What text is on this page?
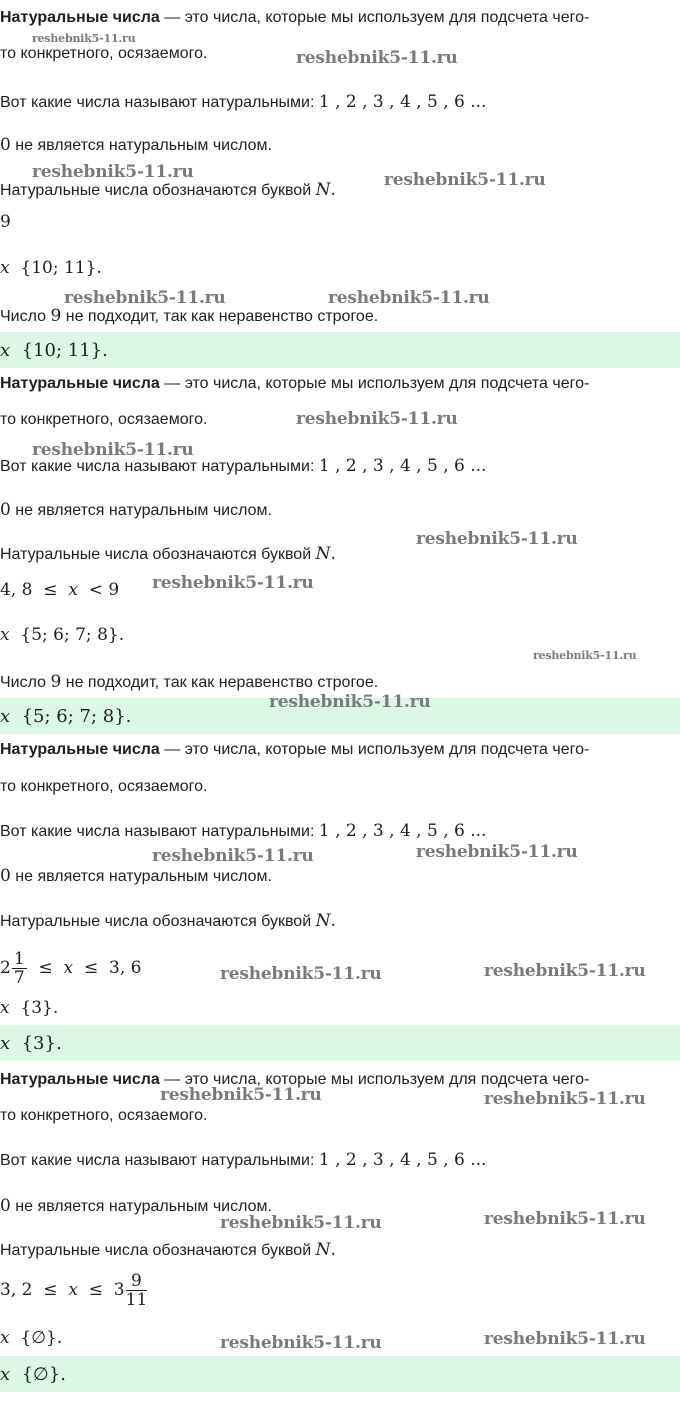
Натуральные числа — это числа, которые мы используем для подсчета чего-
то конкретного, осязаемого.
Вот какие числа называют натуральными: 1 , 2 , 3 , 4 , 5 , 6 ...
0 не является натуральным числом.
Натуральные числа обозначаются буквой N.
9
x {10; 11}.
Число 9 не подходит, так как неравенство строгое.
x {10; 11}.
Натуральные числа — это числа, которые мы используем для подсчета чего-
то конкретного, осязаемого.
Вот какие числа называют натуральными: 1 , 2 , 3 , 4 , 5 , 6 ...
0 не является натуральным числом.
Натуральные числа обозначаются буквой N.
4, 8 ≤ x < 9
x {5; 6; 7; 8}.
Число 9 не подходит, так как неравенство строгое.
x {5; 6; 7; 8}.
Натуральные числа — это числа, которые мы используем для подсчета чего-
то конкретного, осязаемого.
Вот какие числа называют натуральными: 1 , 2 , 3 , 4 , 5 , 6 ...
0 не является натуральным числом.
Натуральные числа обозначаются буквой N.
$2 \frac{1}{7} \le x \le 3$, 6
x {3}.
x {3}.
Натуральные числа — это числа, которые мы используем для подсчета чего-
то конкретного, осязаемого.
Вот какие числа называют натуральными: 1 , 2 , 3 , 4 , 5 , 6 ...
0 не является натуральным числом.
Натуральные числа обозначаются буквой N.
3, $2 \le x \le 3 \frac{9}{11}$
x {∅}.
x {∅}.
reshebnik5-11.ru
reshebnik5-11.ru
reshebnik5-11.ru	reshebnik5-11.ru
reshebnik5-11.ru	reshebnik5-11.ru
reshebnik5-11.ru
reshebnik5-11.ru
reshebnik5-11.ru
reshebnik5-11.ru
reshebnik5-11.ru
reshebnik5-11.ru
reshebnik5-11.ru	reshebnik5-11.ru
reshebnik5-11.ru	reshebnik5-11.ru
reshebnik5-11.ru	reshebnik5-11.ru
reshebnik5-11.ru	reshebnik5-11.ru
reshebnik5-11.ru	reshebnik5-11.ru
